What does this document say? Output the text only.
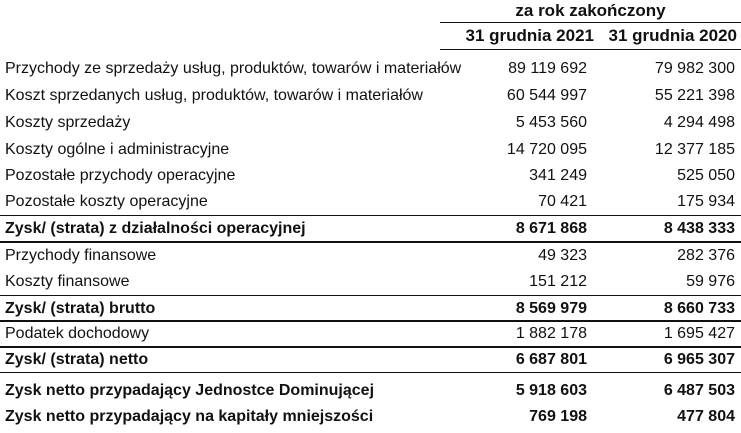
za rok zakończony
31 grudnia 2021 31 grudnia 2020
Przychody ze sprzedaży usług, produktów, towarów i materiałów	89 119 692	79 982 300
Koszt sprzedanych usług, produktów, towarów i materiałów	60 544 997	55 221 398
Koszty sprzedaży	5 453 560	4 294 498
Koszty ogólne i administracyjne	14 720 095	12 377 185
Pozostałe przychody operacyjne	341 249	525 050
Pozostałe koszty operacyjne	70 421	175 934
Zysk/ (strata) z działalności operacyjnej	8 671 868	8 438 333
Przychody finansowe	49 323	282 376
Koszty finansowe	151 212	59 976
Zysk/ (strata) brutto	8 569 979	8 660 733
Podatek dochodowy	1 882 178	1 695 427
Zysk/ (strata) netto	6 687 801	6 965 307
Zysk netto przypadający Jednostce Dominującej	5 918 603	6 487 503
Zysk netto przypadający na kapitały mniejszości	769 198	477 804
